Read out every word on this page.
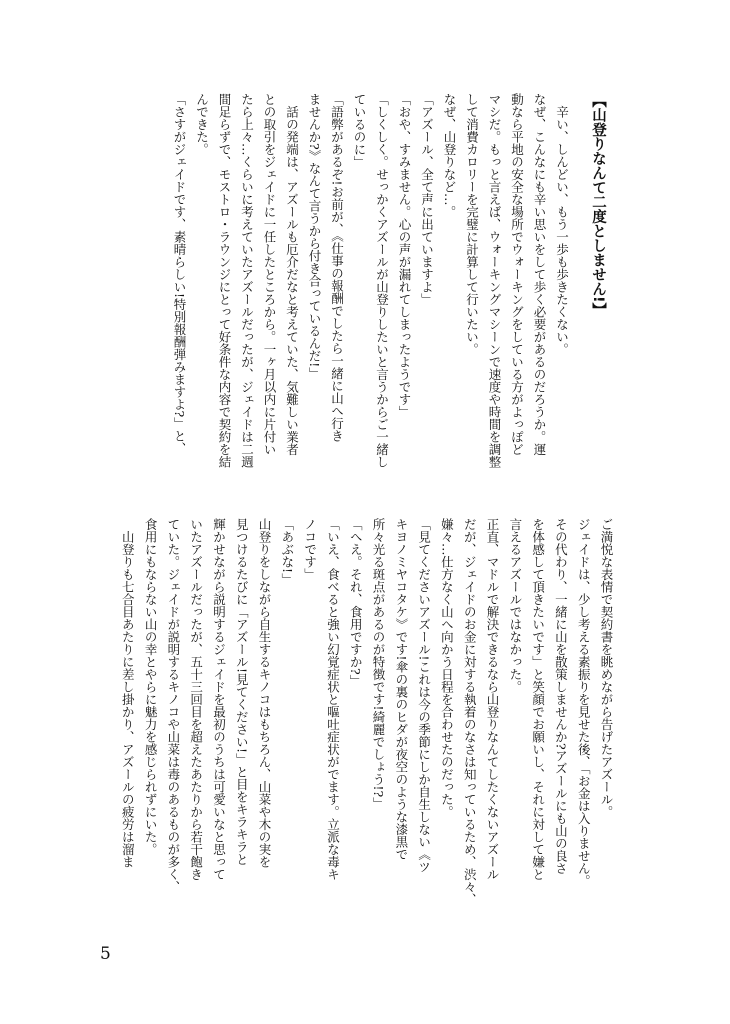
【山登りなんて二度としません!】
　辛い、しんどい、もう一歩も歩きたくない。
なぜ、こんなにも辛い思いをして歩く必要があるのだろうか。運
動なら平地の安全な場所でウォーキングをしている方がよっぽど
マシだ。もっと言えば、ウォーキングマシーンで速度や時間を調整
して消費カロリーを完璧に計算して行いたい。
なぜ、山登りなど…。
「アズール、全て声に出ていますよ」
「おや、すみません。心の声が漏れてしまったようです」
「しくしく。せっかくアズールが山登りしたいと言うからご一緒し
ているのに」
「語弊があるぞ!お前が、《仕事の報酬でしたら一緒に山へ行き
ませんか?》なんて言うから付き合っているんだ!」
　話の発端は、アズールも厄介だなと考えていた、気難しい業者
との取引をジェイドに一任したところから。一ヶ月以内に片付い
たら上々…くらいに考えていたアズールだったが、ジェイドは二週
間足らずで、モストロ・ラウンジにとって好条件な内容で契約を結
んできた。
「さすがジェイドです、素晴らしい!特別報酬弾みますよ?」と、
ご満悦な表情で契約書を眺めながら告げたアズール。
ジェイドは、少し考える素振りを見せた後、「お金は入りません。
その代わり、一緒に山を散策しませんか?アズールにも山の良さ
を体感して頂きたいです」と笑顔でお願いし、それに対して嫌と
言えるアズールではなかった。
正直、マドルで解決できるなら山登りなんてしたくないアズール
だが、ジェイドのお金に対する執着のなさは知っているため、渋々、
嫌々…仕方なく山へ向かう日程を合わせたのだった。
「見てくださいアズール!これは今の季節にしか自生しない《ツ
キヨノミヤコタケ》です!傘の裏のヒダが夜空のような漆黒で
所々光る斑点があるのが特徴です!綺麗でしょう!?」
「へえ。それ、食用ですか?」
「いえ、食べると強い幻覚症状と嘔吐症状がでます。立派な毒キ
ノコです」
「あぶな!」
山登りをしながら自生するキノコはもちろん、山菜や木の実を
見つけるたびに「アズール!見てください!」と目をキラキラと
輝かせながら説明するジェイドを最初のうちは可愛いなと思って
いたアズールだったが、五十三回目を超えたあたりから若干飽き
ていた。ジェイドが説明するキノコや山菜は毒のあるものが多く、
食用にもならない山の幸とやらに魅力を感じられずにいた。
　山登りも七合目あたりに差し掛かり、アズールの疲労は溜ま
5
